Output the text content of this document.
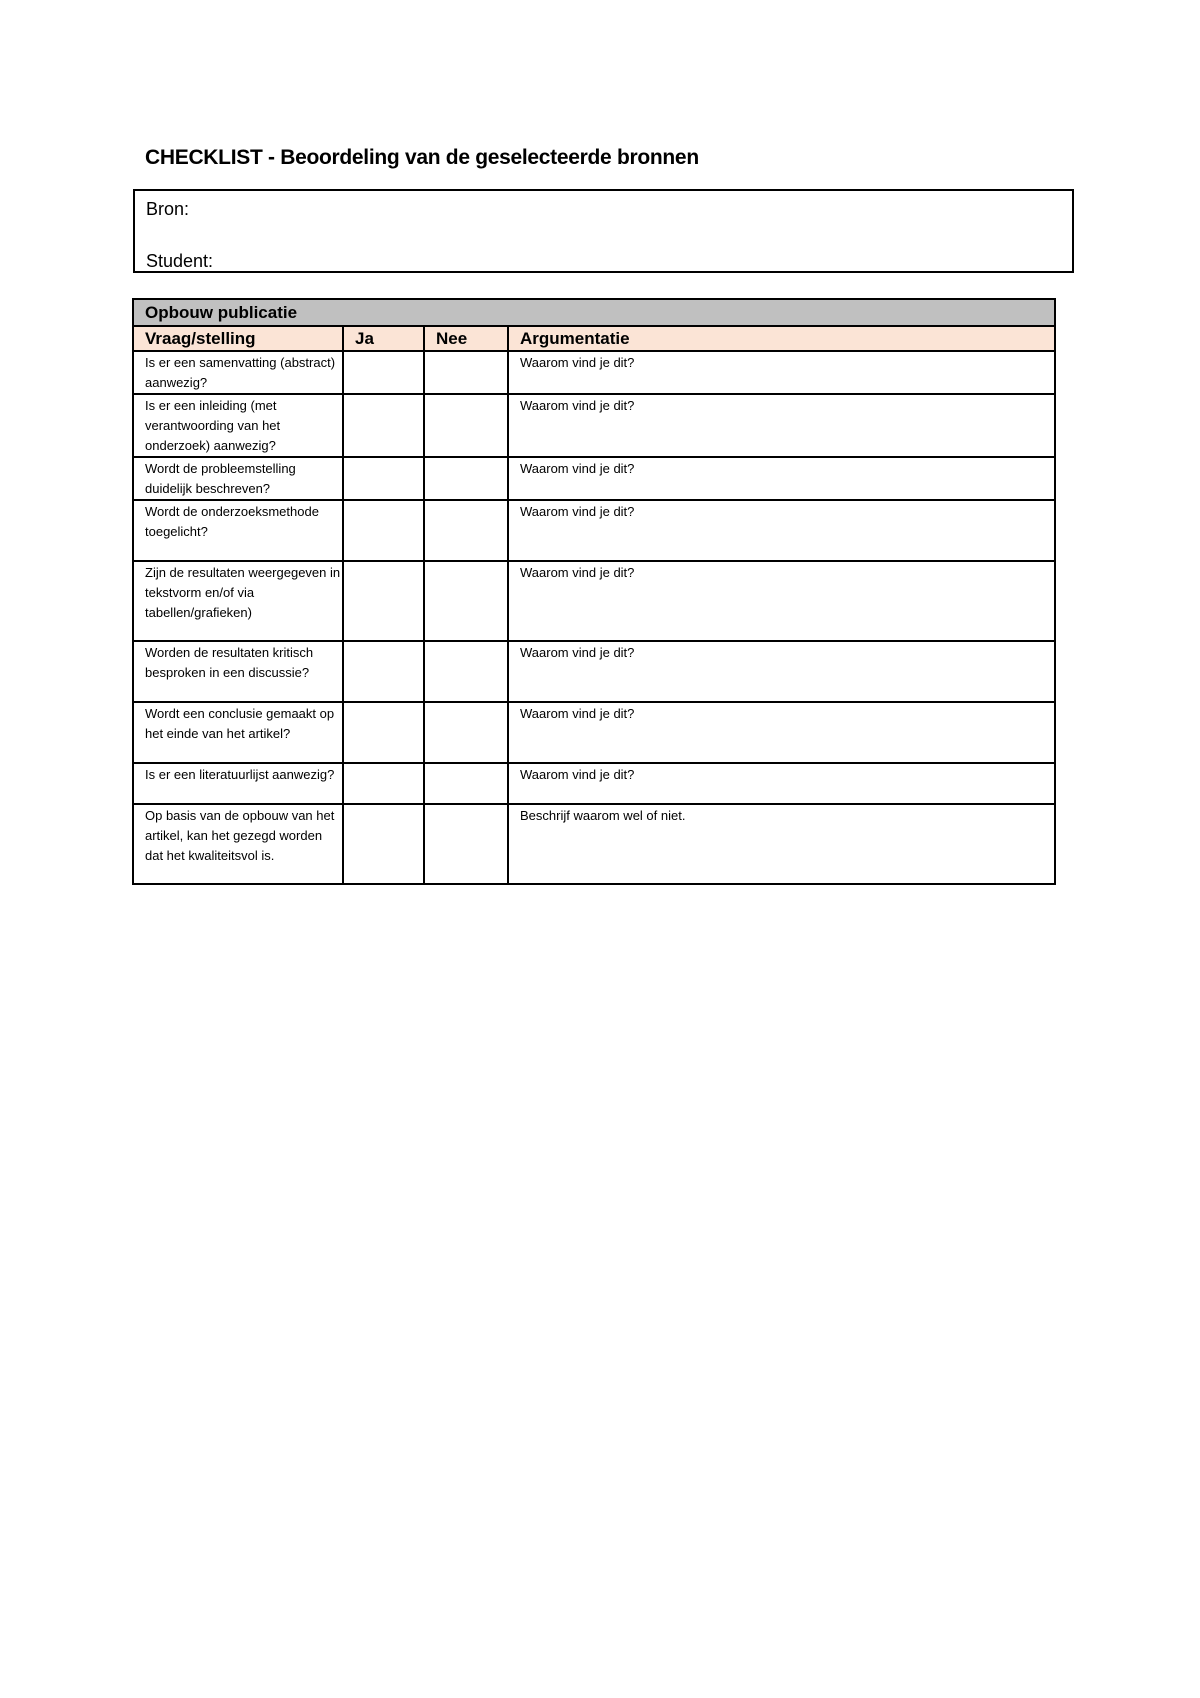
CHECKLIST - Beoordeling van de geselecteerde bronnen
Bron:
Student:
Opbouw publicatie			
Vraag/stelling	Ja	Nee	Argumentatie
Is er een samenvatting (abstract) aanwezig?			Waarom vind je dit?
Is er een inleiding (met verantwoording van het onderzoek) aanwezig?			Waarom vind je dit?
Wordt de probleemstelling duidelijk beschreven?			Waarom vind je dit?
Wordt de onderzoeksmethode toegelicht?			Waarom vind je dit?
Zijn de resultaten weergegeven in tekstvorm en/of via tabellen/grafieken)			Waarom vind je dit?
Worden de resultaten kritisch besproken in een discussie?			Waarom vind je dit?
Wordt een conclusie gemaakt op het einde van het artikel?			Waarom vind je dit?
Is er een literatuurlijst aanwezig?			Waarom vind je dit?
Op basis van de opbouw van het artikel, kan het gezegd worden dat het kwaliteitsvol is.			Beschrijf waarom wel of niet.
